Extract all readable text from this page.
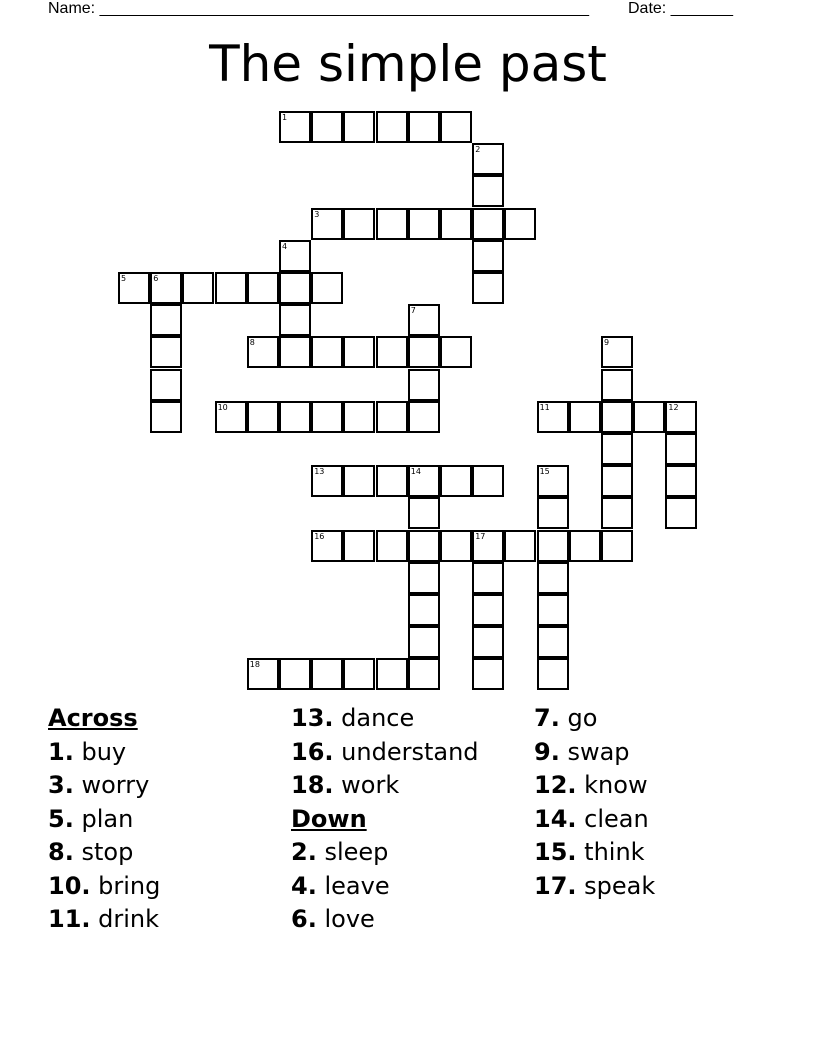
Name: _______________________________________________________ Date: _______
The simple past
1
3
5	6
8
10	11	12
13	14
16	17
18
2
4
7
9
15
Across
1. buy
3. worry
5. plan
8. stop
10. bring
11. drink
13. dance
16. understand
18. work
Down
2. sleep
4. leave
6. love
7. go
9. swap
12. know
14. clean
15. think
17. speak
